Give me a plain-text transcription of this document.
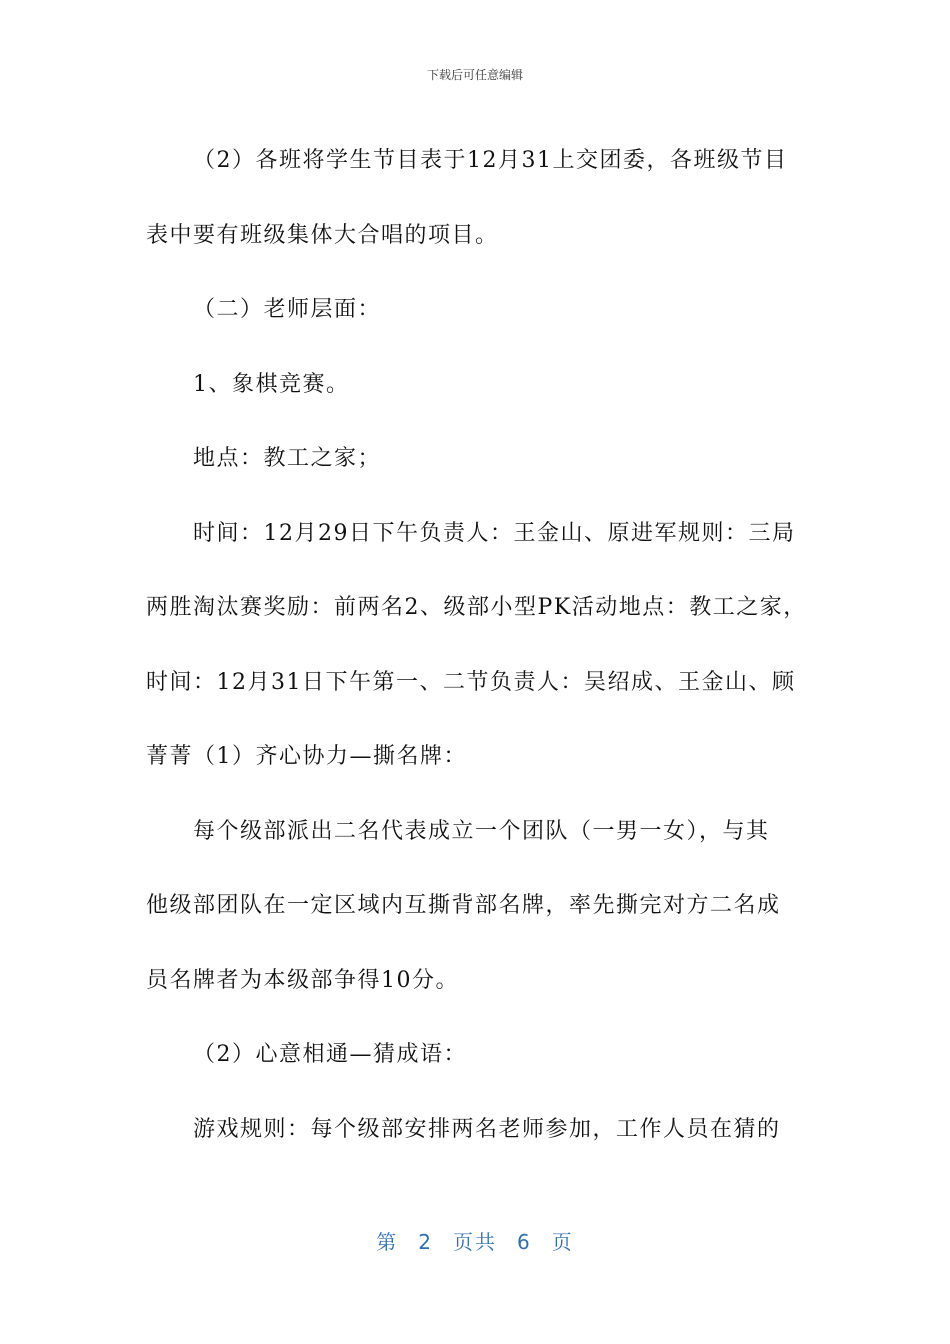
下载后可任意编辑
（2）各班将学生节目表于12月31上交团委，各班级节目
表中要有班级集体大合唱的项目。
（二）老师层面：
1、象棋竞赛。
地点：教工之家；
时间：12月29日下午负责人：王金山、原进军规则：三局
两胜淘汰赛奖励：前两名2、级部小型PK活动地点：教工之家，
时间：12月31日下午第一、二节负责人：吴绍成、王金山、顾
菁菁（1）齐心协力—撕名牌：
每个级部派出二名代表成立一个团队（一男一女），与其
他级部团队在一定区域内互撕背部名牌，率先撕完对方二名成
员名牌者为本级部争得10分。
（2）心意相通—猜成语：
游戏规则：每个级部安排两名老师参加，工作人员在猜的
第 2 页共 6 页
